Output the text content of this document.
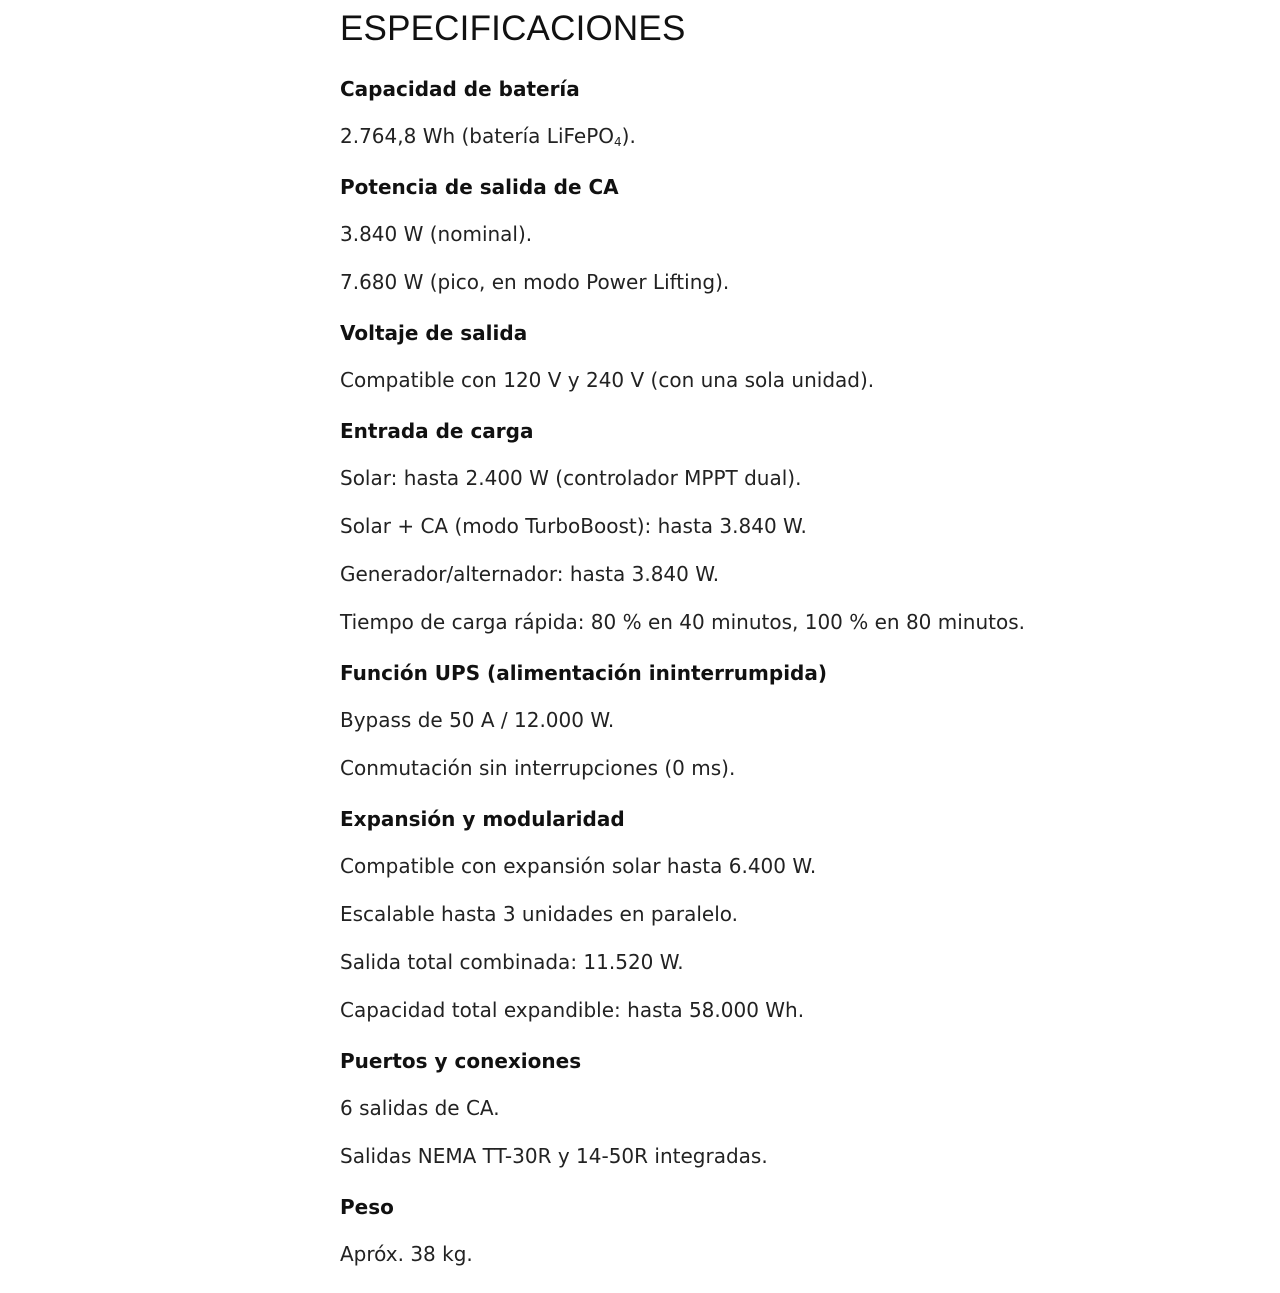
ESPECIFICACIONES
Capacidad de batería
2.764,8 Wh (batería LiFePO$_4$).
Potencia de salida de CA
3.840 W (nominal).
7.680 W (pico, en modo Power Lifting).
Voltaje de salida
Compatible con 120 V y 240 V (con una sola unidad).
Entrada de carga
Solar: hasta 2.400 W (controlador MPPT dual).
Solar + CA (modo TurboBoost): hasta 3.840 W.
Generador/alternador: hasta 3.840 W.
Tiempo de carga rápida: 80 % en 40 minutos, 100 % en 80 minutos.
Función UPS (alimentación ininterrumpida)
Bypass de 50 A / 12.000 W.
Conmutación sin interrupciones (0 ms).
Expansión y modularidad
Compatible con expansión solar hasta 6.400 W.
Escalable hasta 3 unidades en paralelo.
Salida total combinada: 11.520 W.
Capacidad total expandible: hasta 58.000 Wh.
Puertos y conexiones
6 salidas de CA.
Salidas NEMA TT-30R y 14-50R integradas.
Peso
Apróx. 38 kg.
